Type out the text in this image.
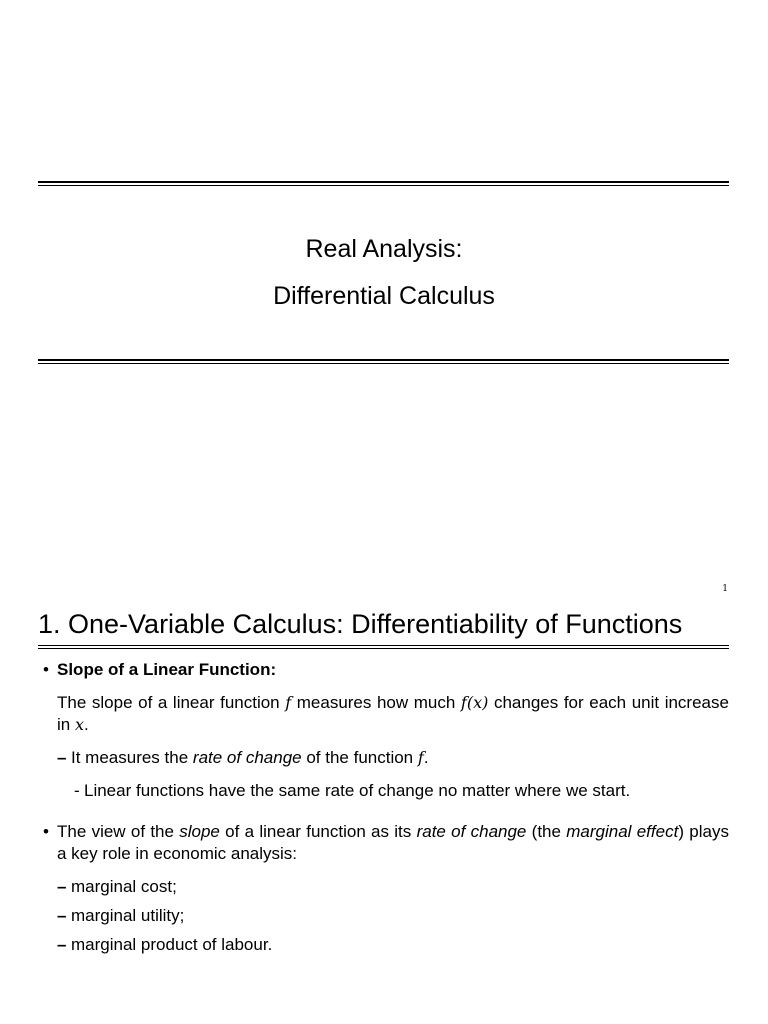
Real Analysis:
Differential Calculus
1
1. One-Variable Calculus: Differentiability of Functions
• Slope of a Linear Function:
The slope of a linear function f measures how much f(x) changes for each unit increase in x.
– It measures the rate of change of the function f.
- Linear functions have the same rate of change no matter where we start.
• The view of the slope of a linear function as its rate of change (the marginal effect) plays a key role in economic analysis:
– marginal cost;
– marginal utility;
– marginal product of labour.
